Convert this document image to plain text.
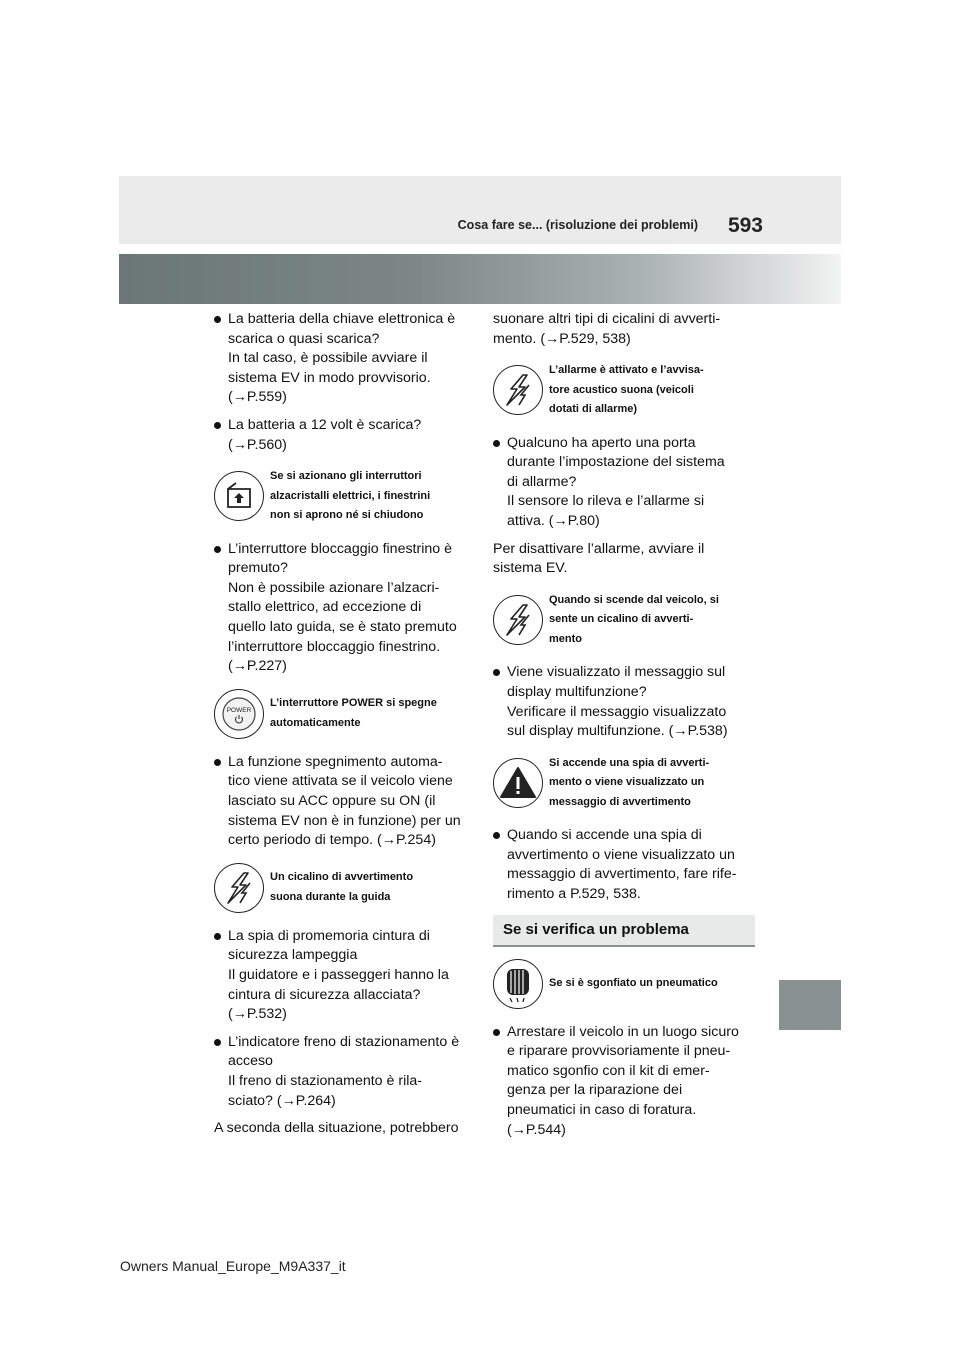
593
Cosa fare se... (risoluzione dei problemi)
La batteria della chiave elettronica è
scarica o quasi scarica?
In tal caso, è possibile avviare il
sistema EV in modo provvisorio.
(→P.559)
La batteria a 12 volt è scarica?
(→P.560)
Se si azionano gli interruttori
alzacristalli elettrici, i finestrini
non si aprono né si chiudono
L’interruttore bloccaggio finestrino è
premuto?
Non è possibile azionare l’alzacri-
stallo elettrico, ad eccezione di
quello lato guida, se è stato premuto
l’interruttore bloccaggio finestrino.
(→P.227)
POWER
L’interruttore POWER si spegne
automaticamente
La funzione spegnimento automa-
tico viene attivata se il veicolo viene
lasciato su ACC oppure su ON (il
sistema EV non è in funzione) per un
certo periodo di tempo. (→P.254)
Un cicalino di avvertimento
suona durante la guida
La spia di promemoria cintura di
sicurezza lampeggia
Il guidatore e i passeggeri hanno la
cintura di sicurezza allacciata?
(→P.532)
L’indicatore freno di stazionamento è
acceso
Il freno di stazionamento è rila-
sciato? (→P.264)
A seconda della situazione, potrebbero
suonare altri tipi di cicalini di avverti-
mento. (→P.529, 538)
L’allarme è attivato e l’avvisa-
tore acustico suona (veicoli
dotati di allarme)
Qualcuno ha aperto una porta
durante l’impostazione del sistema
di allarme?
Il sensore lo rileva e l’allarme si
attiva. (→P.80)
Per disattivare l’allarme, avviare il
sistema EV.
Quando si scende dal veicolo, si
sente un cicalino di avverti-
mento
Viene visualizzato il messaggio sul
display multifunzione?
Verificare il messaggio visualizzato
sul display multifunzione. (→P.538)
Si accende una spia di avverti-
mento o viene visualizzato un
messaggio di avvertimento
Quando si accende una spia di
avvertimento o viene visualizzato un
messaggio di avvertimento, fare rife-
rimento a P.529, 538.
Se si verifica un problema
Se si è sgonfiato un pneumatico
Arrestare il veicolo in un luogo sicuro
e riparare provvisoriamente il pneu-
matico sgonfio con il kit di emer-
genza per la riparazione dei
pneumatici in caso di foratura.
(→P.544)
Owners Manual_Europe_M9A337_it
